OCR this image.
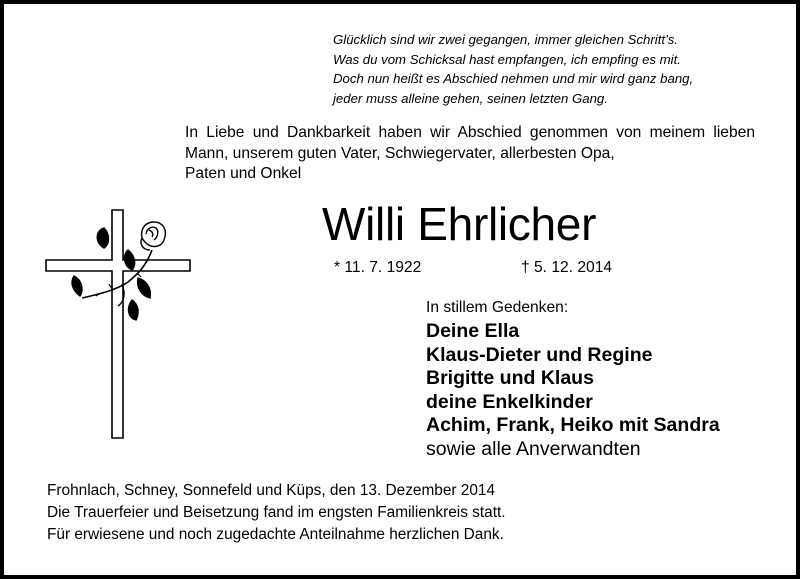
Glücklich sind wir zwei gegangen, immer gleichen Schritt’s.
Was du vom Schicksal hast empfangen, ich empfing es mit.
Doch nun heißt es Abschied nehmen und mir wird ganz bang,
jeder muss alleine gehen, seinen letzten Gang.
In Liebe und Dankbarkeit haben wir Abschied genommen von meinem lieben Mann, unserem guten Vater, Schwiegervater, allerbesten Opa,
Paten und Onkel
Willi Ehrlicher
* 11. 7. 1922	† 5. 12. 2014
In stillem Gedenken:
Deine Ella
Klaus-Dieter und Regine
Brigitte und Klaus
deine Enkelkinder
Achim, Frank, Heiko mit Sandra
sowie alle Anverwandten
Frohnlach, Schney, Sonnefeld und Küps, den 13. Dezember 2014
Die Trauerfeier und Beisetzung fand im engsten Familienkreis statt.
Für erwiesene und noch zugedachte Anteilnahme herzlichen Dank.
